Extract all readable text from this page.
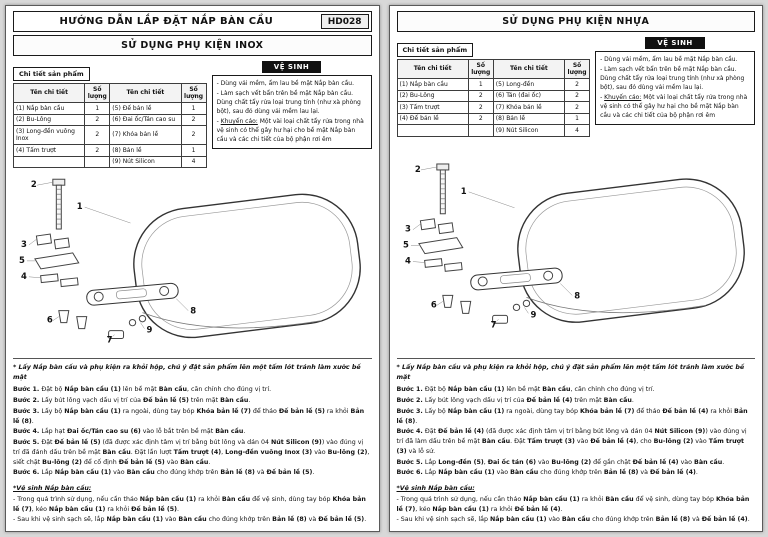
HƯỚNG DẪN LẮP ĐẶT NẮP BÀN CẦU	HD028
SỬ DỤNG PHỤ KIỆN INOX
Chi tiết sản phẩm
Tên chi tiết	Số lượng	Tên chi tiết	Số lượng
(1) Nắp bàn cầu	1	(5) Đế bản lề	1
(2) Bu-Lông	2	(6) Đai ốc/Tán cao su	2
(3) Long-đền vuông Inox	2	(7) Khóa bản lề	2
(4) Tấm trượt	2	(8) Bản lề	1
		(9) Nút Silicon	4
VỆ SINH
- Dùng vải mềm, ẩm lau bề mặt Nắp bàn cầu.
- Làm sạch vết bẩn trên bề mặt Nắp bàn cầu. Dùng chất tẩy rửa loại trung tính (như xà phòng bột), sau đó dùng vải mềm lau lại.
- Khuyến cáo: Một vài loại chất tẩy rửa trong nhà vệ sinh có thể gây hư hại cho bề mặt Nắp bàn cầu và các chi tiết của bộ phận rơi êm
1
2
3
4
5
6
7
8
9
* Lấy Nắp bàn cầu và phụ kiện ra khỏi hộp, chú ý đặt sản phẩm lên một tấm lót tránh làm xước bề mặt
Bước 1. Đặt bộ Nắp bàn cầu (1) lên bề mặt Bàn cầu, căn chỉnh cho đúng vị trí.
Bước 2. Lấy bút lông vạch dấu vị trí của Đế bản lề (5) trên mặt Bàn cầu.
Bước 3. Lấy bộ Nắp bàn cầu (1) ra ngoài, dùng tay bóp Khóa bản lề (7) để tháo Đế bản lề (5) ra khỏi Bản lề (8).
Bước 4. Lắp hạt Đai ốc/Tán cao su (6) vào lỗ bắt trên bề mặt Bàn cầu.
Bước 5. Đặt Đế bản lề (5) (đã được xác định tâm vị trí bằng bút lông và dán 04 Nút Silicon (9)) vào đúng vị trí đã đánh dấu trên bề mặt Bàn cầu. Đặt lần lượt Tấm trượt (4), Long-đền vuông Inox (3) vào Bu-lông (2), siết chặt Bu-lông (2) để cố định Đế bản lề (5) vào Bàn cầu.
Bước 6. Lắp Nắp bàn cầu (1) vào Bàn cầu cho đúng khớp trên Bản lề (8) và Đế bản lề (5).
*Vệ sinh Nắp bàn cầu:
- Trong quá trình sử dụng, nếu cần tháo Nắp bàn cầu (1) ra khỏi Bàn cầu để vệ sinh, dùng tay bóp Khóa bản lề (7), kéo Nắp bàn cầu (1) ra khỏi Đế bản lề (5).
- Sau khi vệ sinh sạch sẽ, lắp Nắp bàn cầu (1) vào Bàn cầu cho đúng khớp trên Bản lề (8) và Đế bản lề (5).
SỬ DỤNG PHỤ KIỆN NHỰA
Chi tiết sản phẩm
Tên chi tiết	Số lượng	Tên chi tiết	Số lượng
(1) Nắp bàn cầu	1	(5) Long-đền	2
(2) Bu-Lông	2	(6) Tán (đai ốc)	2
(3) Tấm trượt	2	(7) Khóa bản lề	2
(4) Đế bản lề	2	(8) Bản lề	1
		(9) Nút Silicon	4
VỆ SINH
- Dùng vải mềm, ẩm lau bề mặt Nắp bàn cầu.
- Làm sạch vết bẩn trên bề mặt Nắp bàn cầu. Dùng chất tẩy rửa loại trung tính (như xà phòng bột), sau đó dùng vải mềm lau lại.
- Khuyến cáo: Một vài loại chất tẩy rửa trong nhà vệ sinh có thể gây hư hại cho bề mặt Nắp bàn cầu và các chi tiết của bộ phận rơi êm
1
2
3
4
5
6
7
8
9
* Lấy Nắp bàn cầu và phụ kiện ra khỏi hộp, chú ý đặt sản phẩm lên một tấm lót tránh làm xước bề mặt
Bước 1. Đặt bộ Nắp bàn cầu (1) lên bề mặt Bàn cầu, căn chỉnh cho đúng vị trí.
Bước 2. Lấy bút lông vạch dấu vị trí của Đế bản lề (4) trên mặt Bàn cầu.
Bước 3. Lấy bộ Nắp bàn cầu (1) ra ngoài, dùng tay bóp Khóa bản lề (7) để tháo Đế bản lề (4) ra khỏi Bản lề (8).
Bước 4. Đặt Đế bản lề (4) (đã được xác định tâm vị trí bằng bút lông và dán 04 Nút Silicon (9)) vào đúng vị trí đã làm dấu trên bề mặt Bàn cầu. Đặt Tấm trượt (3) vào Đế bản lề (4), cho Bu-lông (2) vào Tấm trượt (3) và lỗ sứ.
Bước 5. Lắp Long-đền (5), Đai ốc tán (6) vào Bu-lông (2) để gắn chặt Đế bản lề (4) vào Bàn cầu.
Bước 6. Lắp Nắp bàn cầu (1) vào Bàn cầu cho đúng khớp trên Bản lề (8) và Đế bản lề (4).
*Vệ sinh Nắp bàn cầu:
- Trong quá trình sử dụng, nếu cần tháo Nắp bàn cầu (1) ra khỏi Bàn cầu để vệ sinh, dùng tay bóp Khóa bản lề (7), kéo Nắp bàn cầu (1) ra khỏi Đế bản lề (4).
- Sau khi vệ sinh sạch sẽ, lắp Nắp bàn cầu (1) vào Bàn cầu cho đúng khớp trên Bản lề (8) và Đế bản lề (4).
